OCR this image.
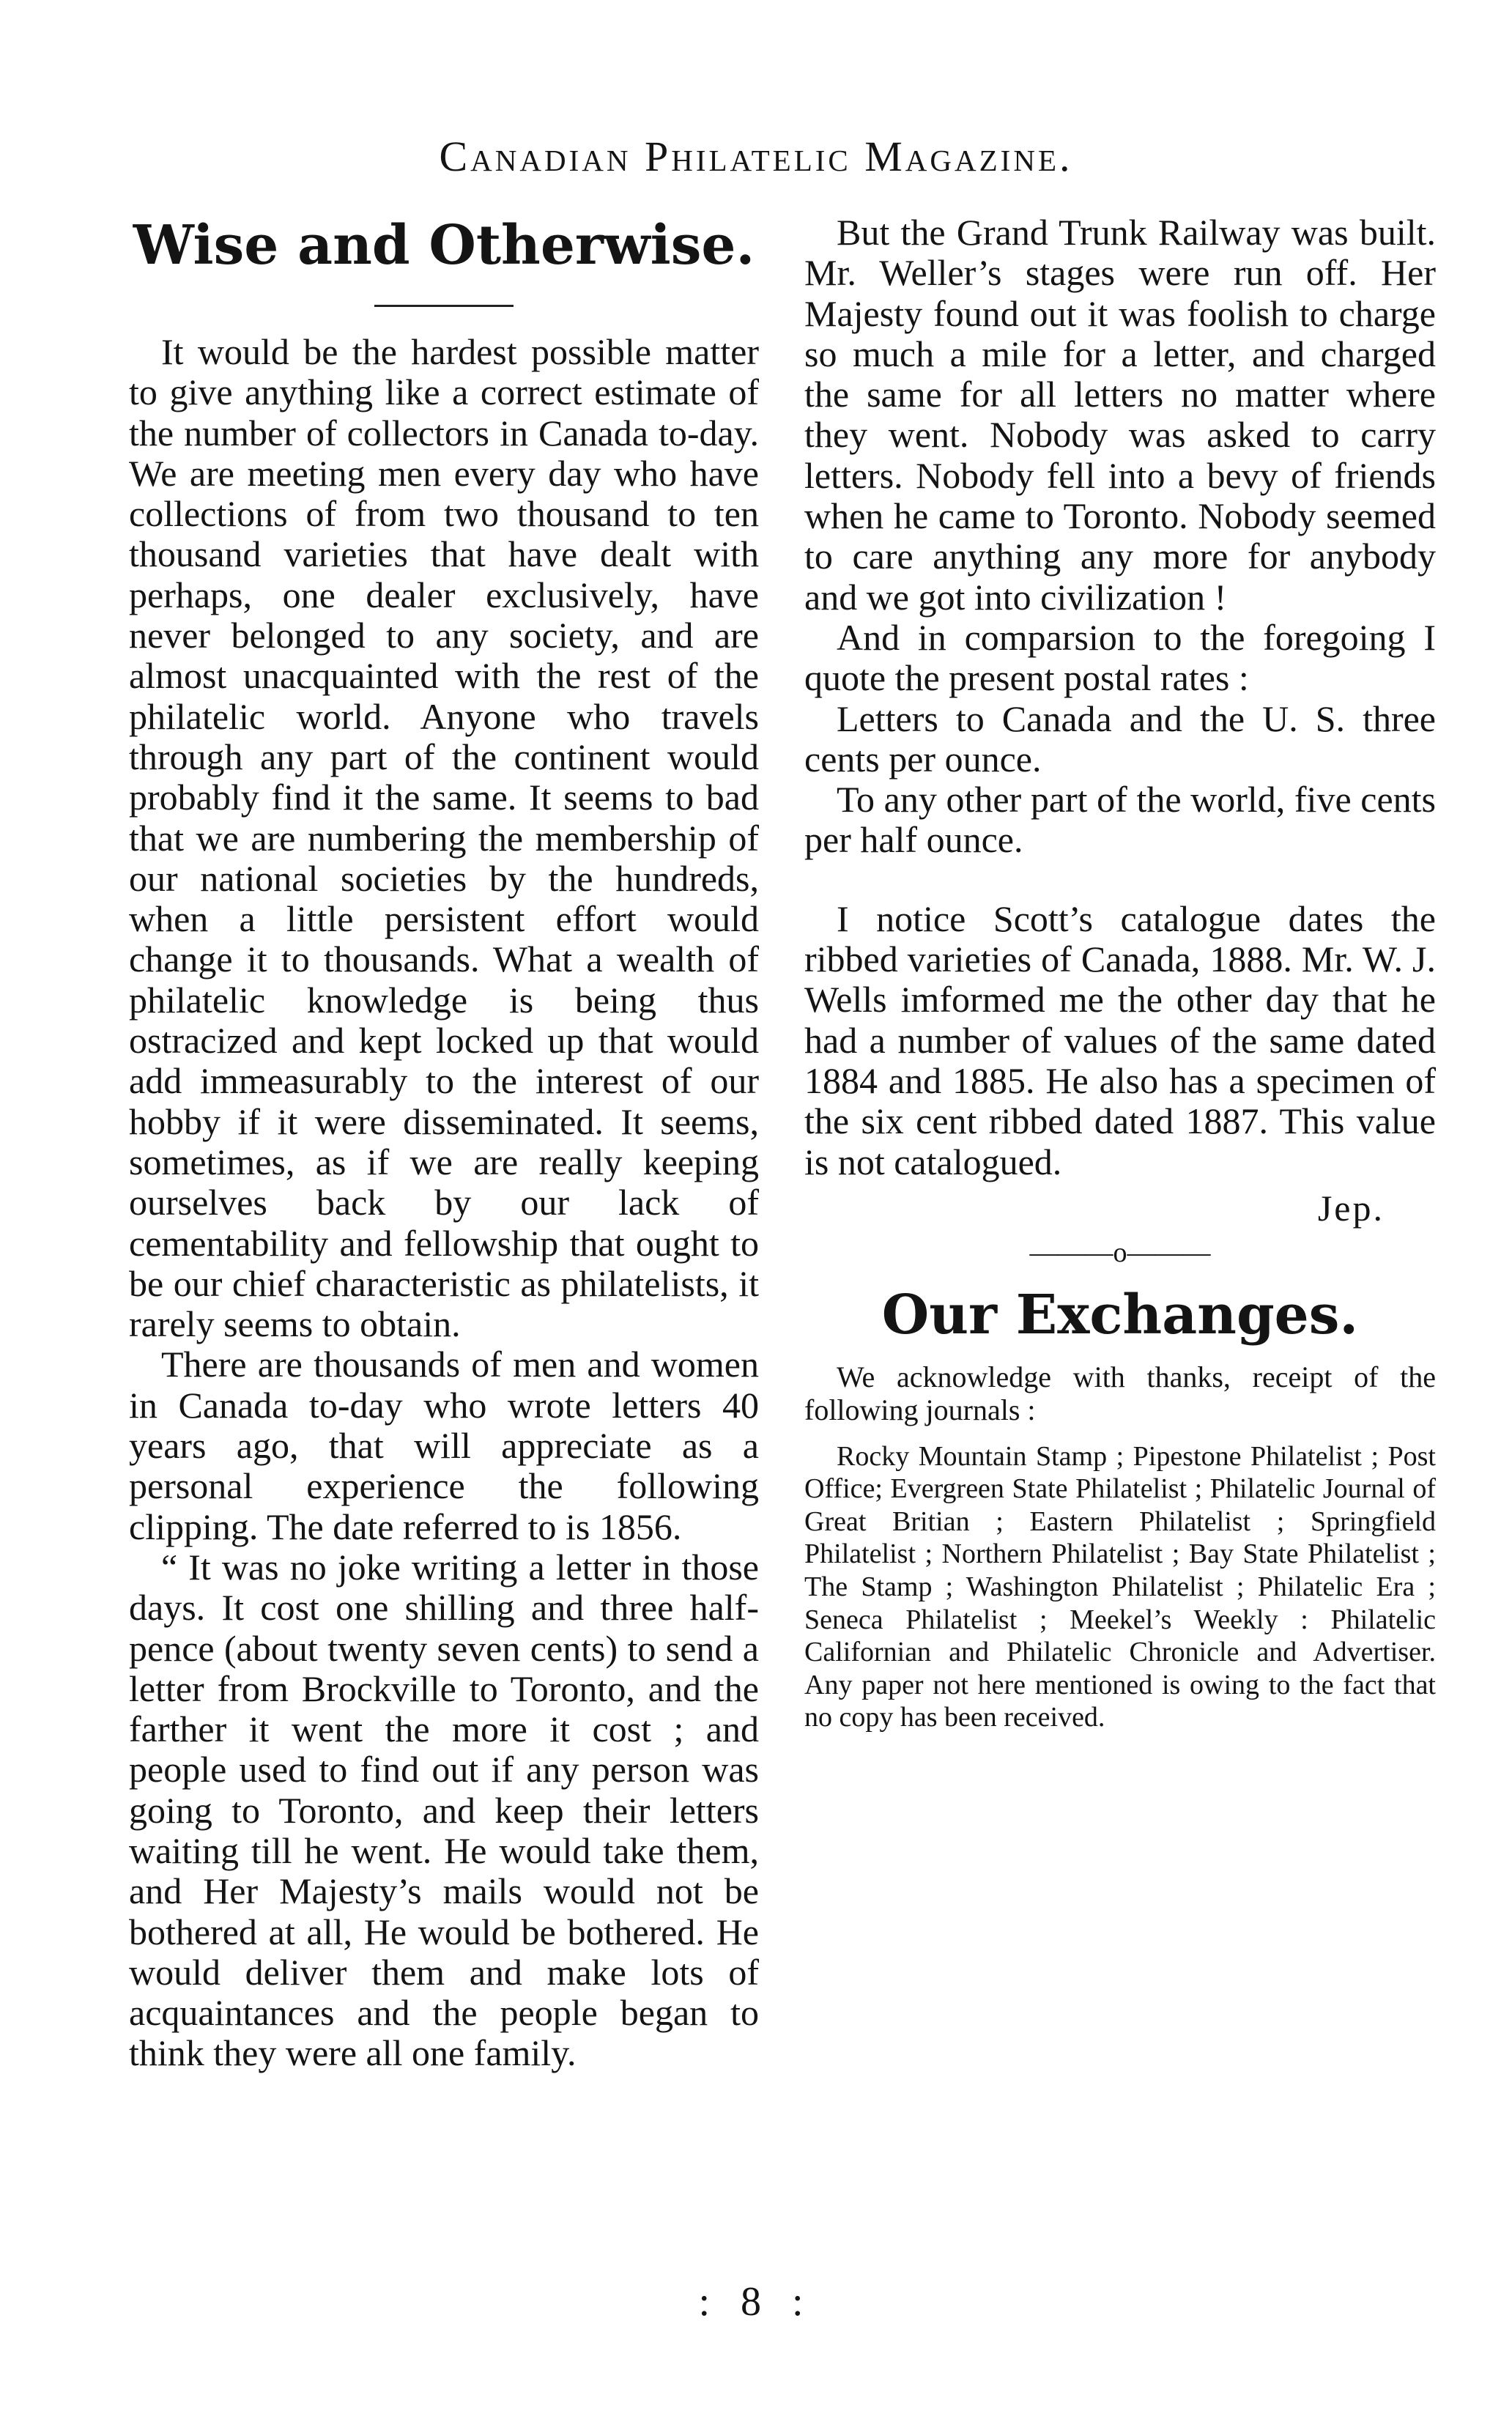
Canadian Philatelic Magazine.
Wise and Otherwise.

It would be the hardest possible matter to give anything like a correct estimate of the number of collectors in Canada to-day. We are meeting men every day who have collections of from two thousand to ten thousand varieties that have dealt with perhaps, one dealer exclusively, have never belonged to any society, and are almost unacquainted with the rest of the philatelic world. Anyone who travels through any part of the continent would probably find it the same. It seems to bad that we are numbering the membership of our national societies by the hundreds, when a little persistent effort would change it to thousands. What a wealth of philatelic knowledge is being thus ostracized and kept locked up that would add immeasurably to the interest of our hobby if it were disseminated. It seems, sometimes, as if we are really keeping ourselves back by our lack of cementability and fellowship that ought to be our chief characteristic as philatelists, it rarely seems to obtain.

There are thousands of men and women in Canada to-day who wrote letters 40 years ago, that will appreciate as a personal experience the following clipping. The date referred to is 1856.

“ It was no joke writing a letter in those days. It cost one shilling and three half-pence (about twenty seven cents) to send a letter from Brockville to Toronto, and the farther it went the more it cost ; and people used to find out if any person was going to Toronto, and keep their letters waiting till he went. He would take them, and Her Majesty’s mails would not be bothered at all, He would be bothered. He would deliver them and make lots of acquaintances and the people began to think they were all one family.

But the Grand Trunk Railway was built. Mr. Weller’s stages were run off. Her Majesty found out it was foolish to charge so much a mile for a letter, and charged the same for all letters no matter where they went. Nobody was asked to carry letters. Nobody fell into a bevy of friends when he came to Toronto. Nobody seemed to care anything any more for anybody and we got into civilization !

And in comparsion to the foregoing I quote the present postal rates :

Letters to Canada and the U. S. three cents per ounce.

To any other part of the world, five cents per half ounce.

I notice Scott’s catalogue dates the ribbed varieties of Canada, 1888. Mr. W. J. Wells imformed me the other day that he had a number of values of the same dated 1884 and 1885. He also has a specimen of the six cent ribbed dated 1887. This value is not catalogued.

Jep.
———o———
Our Exchanges.

We acknowledge with thanks, receipt of the following journals :

Rocky Mountain Stamp ; Pipestone Philatelist ; Post Office; Evergreen State Philatelist ; Philatelic Journal of Great Britian ; Eastern Philatelist ; Springfield Philatelist ; Northern Philatelist ; Bay State Philatelist ; The Stamp ; Washington Philatelist ; Philatelic Era ; Seneca Philatelist ; Meekel’s Weekly : Philatelic Californian and Philatelic Chronicle and Advertiser. Any paper not here mentioned is owing to the fact that no copy has been received.

: 8 :
